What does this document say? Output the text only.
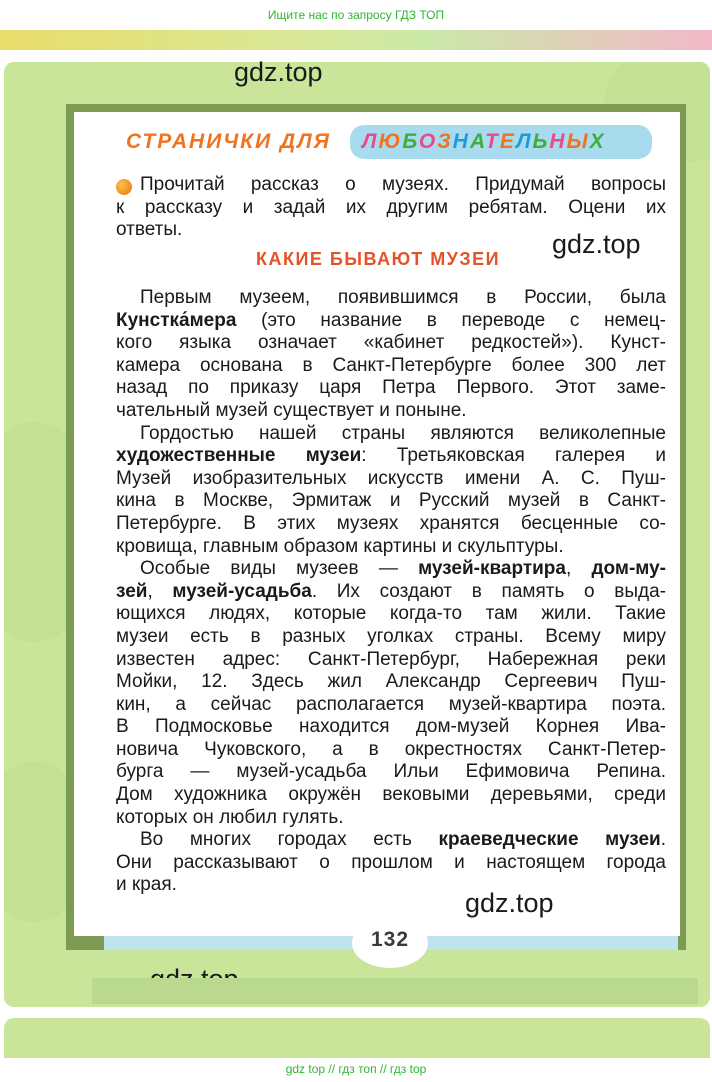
Ищите нас по запросу ГДЗ ТОП
gdz.top
gdz.top
gdz.top
СТРАНИЧКИ ДЛЯ ЛЮБОЗНАТЕЛЬНЫХ
Прочитай рассказ о музеях. Придумай вопросы
к рассказу и задай их другим ребятам. Оцени их
ответы.
КАКИЕ БЫВАЮТ МУЗЕИ
Первым музеем, появившимся в России, была
Кунстка́мера (это название в переводе с немец-
кого языка означает «кабинет редкостей»). Кунст-
камера основана в Санкт-Петербурге более 300 лет
назад по приказу царя Петра Первого. Этот заме-
чательный музей существует и поныне.
Гордостью нашей страны являются великолепные
художественные музеи: Третьяковская галерея и
Музей изобразительных искусств имени А. С. Пуш-
кина в Москве, Эрмитаж и Русский музей в Санкт-
Петербурге. В этих музеях хранятся бесценные со-
кровища, главным образом картины и скульптуры.
Особые виды музеев — музей-квартира, дом-му-
зей, музей-усадьба. Их создают в память о выда-
ющихся людях, которые когда-то там жили. Такие
музеи есть в разных уголках страны. Всему миру
известен адрес: Санкт-Петербург, Набережная реки
Мойки, 12. Здесь жил Александр Сергеевич Пуш-
кин, а сейчас располагается музей-квартира поэта.
В Подмосковье находится дом-музей Корнея Ива-
новича Чуковского, а в окрестностях Санкт-Петер-
бурга — музей-усадьба Ильи Ефимовича Репина.
Дом художника окружён вековыми деревьями, среди
которых он любил гулять.
Во многих городах есть краеведческие музеи.
Они рассказывают о прошлом и настоящем города
и края.
132
gdz top // гдз топ // гдз top
